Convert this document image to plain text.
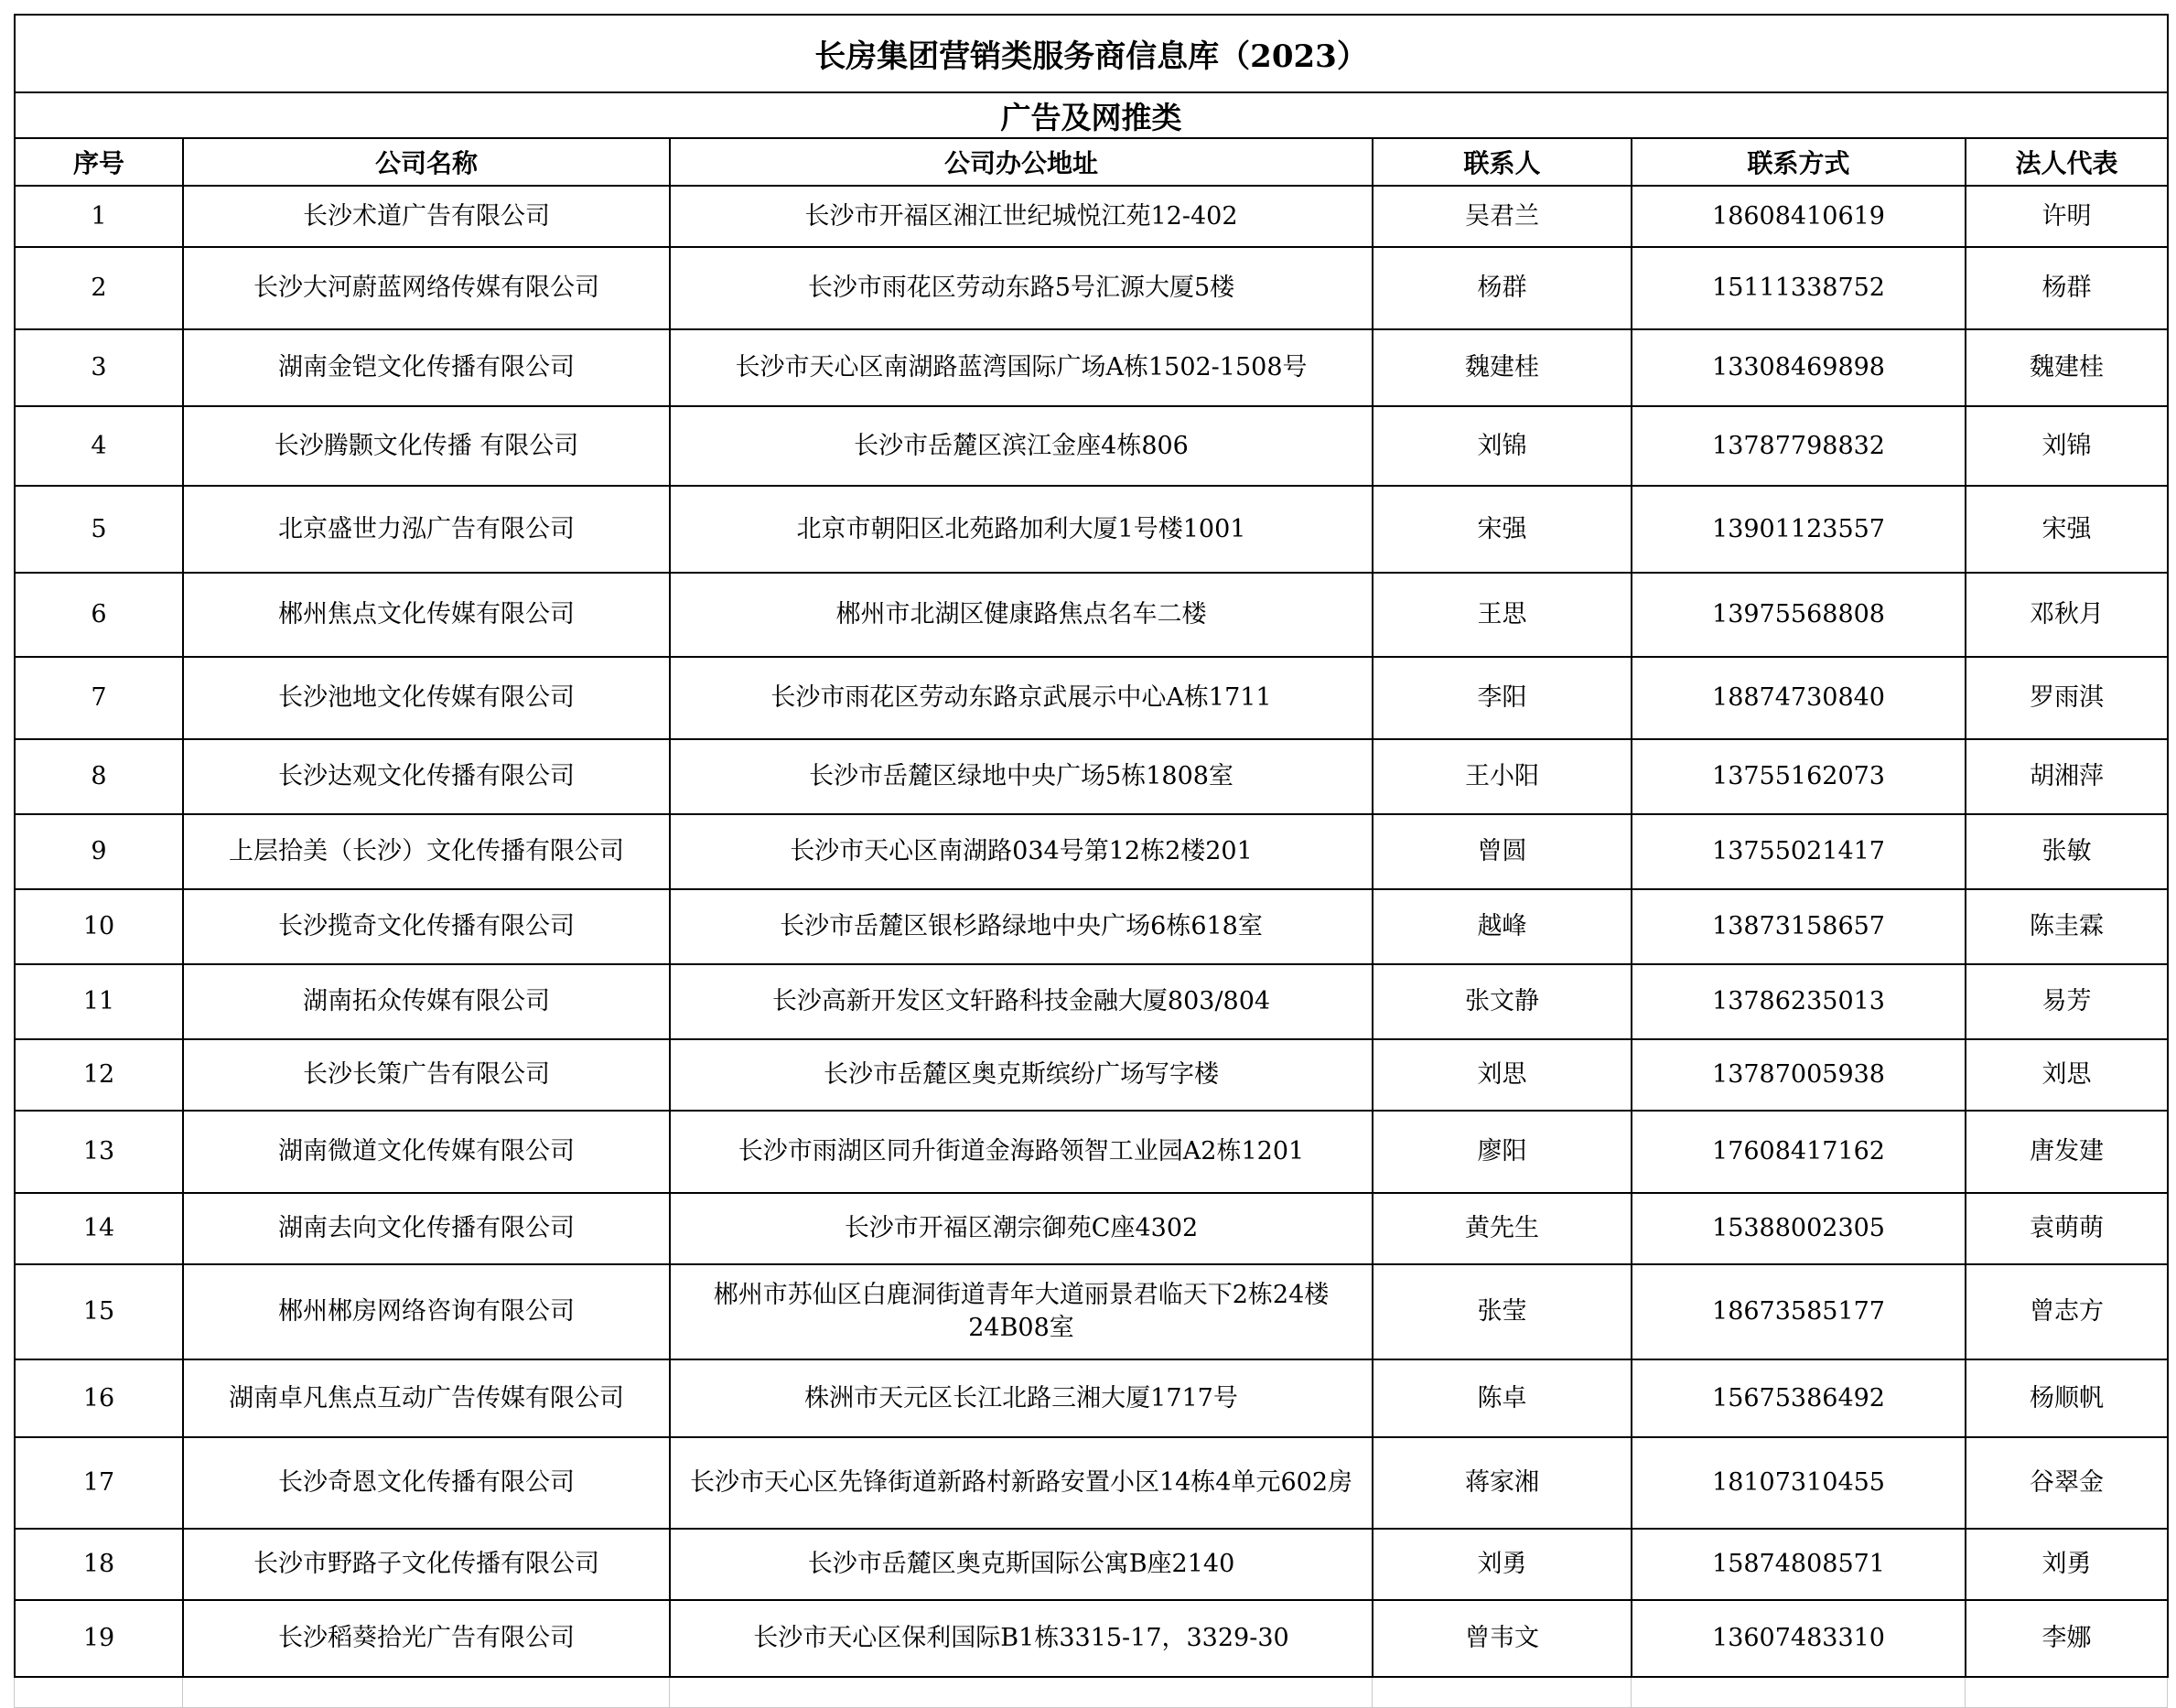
长房集团营销类服务商信息库（2023）					
广告及网推类					
序号	公司名称	公司办公地址	联系人	联系方式	法人代表
1	长沙术道广告有限公司	长沙市开福区湘江世纪城悦江苑12-402	吴君兰	18608410619	许明
2	长沙大河蔚蓝网络传媒有限公司	长沙市雨花区劳动东路5号汇源大厦5楼	杨群	15111338752	杨群
3	湖南金铠文化传播有限公司	长沙市天心区南湖路蓝湾国际广场A栋1502-1508号	魏建桂	13308469898	魏建桂
4	长沙腾颢文化传播 有限公司	长沙市岳麓区滨江金座4栋806	刘锦	13787798832	刘锦
5	北京盛世力泓广告有限公司	北京市朝阳区北苑路加利大厦1号楼1001	宋强	13901123557	宋强
6	郴州焦点文化传媒有限公司	郴州市北湖区健康路焦点名车二楼	王思	13975568808	邓秋月
7	长沙池地文化传媒有限公司	长沙市雨花区劳动东路京武展示中心A栋1711	李阳	18874730840	罗雨淇
8	长沙达观文化传播有限公司	长沙市岳麓区绿地中央广场5栋1808室	王小阳	13755162073	胡湘萍
9	上层拾美（长沙）文化传播有限公司	长沙市天心区南湖路034号第12栋2楼201	曾圆	13755021417	张敏
10	长沙揽奇文化传播有限公司	长沙市岳麓区银杉路绿地中央广场6栋618室	越峰	13873158657	陈圭霖
11	湖南拓众传媒有限公司	长沙高新开发区文轩路科技金融大厦803/804	张文静	13786235013	易芳
12	长沙长策广告有限公司	长沙市岳麓区奥克斯缤纷广场写字楼	刘思	13787005938	刘思
13	湖南微道文化传媒有限公司	长沙市雨湖区同升街道金海路领智工业园A2栋1201	廖阳	17608417162	唐发建
14	湖南去向文化传播有限公司	长沙市开福区潮宗御苑C座4302	黄先生	15388002305	袁萌萌
15	郴州郴房网络咨询有限公司	郴州市苏仙区白鹿洞街道青年大道丽景君临天下2栋24楼24B08室	张莹	18673585177	曾志方
16	湖南卓凡焦点互动广告传媒有限公司	株洲市天元区长江北路三湘大厦1717号	陈卓	15675386492	杨顺帆
17	长沙奇恩文化传播有限公司	长沙市天心区先锋街道新路村新路安置小区14栋4单元602房	蒋家湘	18107310455	谷翠金
18	长沙市野路子文化传播有限公司	长沙市岳麓区奥克斯国际公寓B座2140	刘勇	15874808571	刘勇
19	长沙稻葵拾光广告有限公司	长沙市天心区保利国际B1栋3315-17，3329-30	曾韦文	13607483310	李娜
